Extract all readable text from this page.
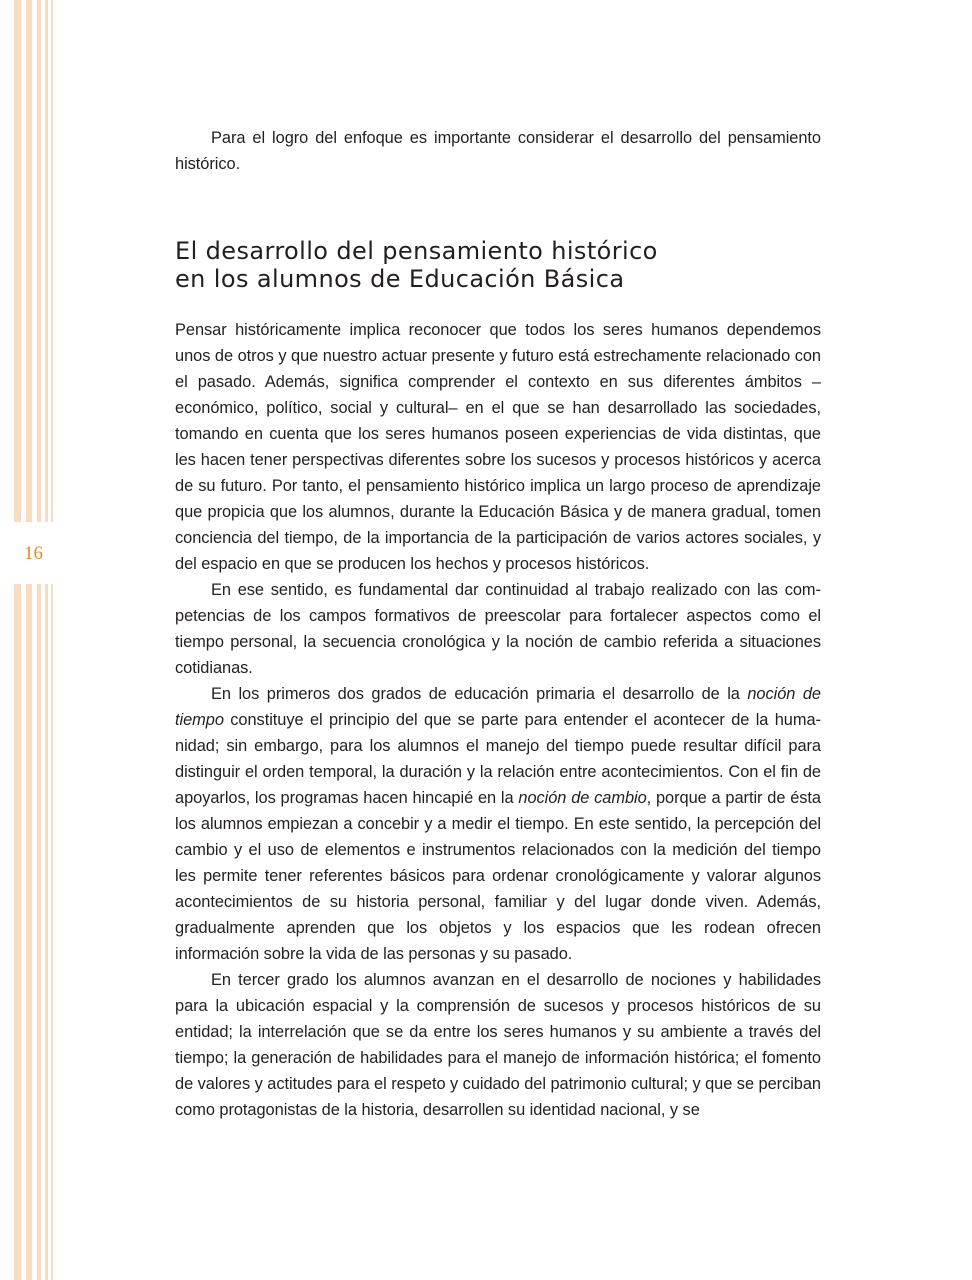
16

Para el logro del enfoque es importante considerar el desarrollo del pensamiento histórico.

El desarrollo del pensamiento histórico
en los alumnos de Educación Básica

Pensar históricamente implica reconocer que todos los seres humanos dependemos unos de otros y que nuestro actuar presente y futuro está estrechamente relacionado con el pasado. Además, significa comprender el contexto en sus diferentes ámbitos –económico, político, social y cultural– en el que se han desarrollado las sociedades, tomando en cuenta que los seres humanos poseen experiencias de vida distintas, que les hacen tener perspectivas diferentes sobre los sucesos y procesos históricos y acerca de su futuro. Por tanto, el pensamiento histórico implica un largo proceso de aprendizaje que propicia que los alumnos, durante la Educación Básica y de manera gradual, tomen conciencia del tiempo, de la importancia de la participación de varios actores sociales, y del espacio en que se producen los hechos y procesos históricos.

En ese sentido, es fundamental dar continuidad al trabajo realizado con las competencias de los campos formativos de preescolar para fortalecer aspectos como el tiempo personal, la secuencia cronológica y la noción de cambio referida a situaciones cotidianas.

En los primeros dos grados de educación primaria el desarrollo de la noción de tiempo constituye el principio del que se parte para entender el acontecer de la humanidad; sin embargo, para los alumnos el manejo del tiempo puede resultar difícil para distinguir el orden temporal, la duración y la relación entre acontecimientos. Con el fin de apoyarlos, los programas hacen hincapié en la noción de cambio, porque a partir de ésta los alumnos empiezan a concebir y a medir el tiempo. En este sentido, la percepción del cambio y el uso de elementos e instrumentos relacionados con la medición del tiempo les permite tener referentes básicos para ordenar cronológicamente y valorar algunos acontecimientos de su historia personal, familiar y del lugar donde viven. Además, gradualmente aprenden que los objetos y los espacios que les rodean ofrecen información sobre la vida de las personas y su pasado.

En tercer grado los alumnos avanzan en el desarrollo de nociones y habilidades para la ubicación espacial y la comprensión de sucesos y procesos históricos de su entidad; la interrelación que se da entre los seres humanos y su ambiente a través del tiempo; la generación de habilidades para el manejo de información histórica; el fomento de valores y actitudes para el respeto y cuidado del patrimonio cultural; y que se perciban como protagonistas de la historia, desarrollen su identidad nacional, y se
